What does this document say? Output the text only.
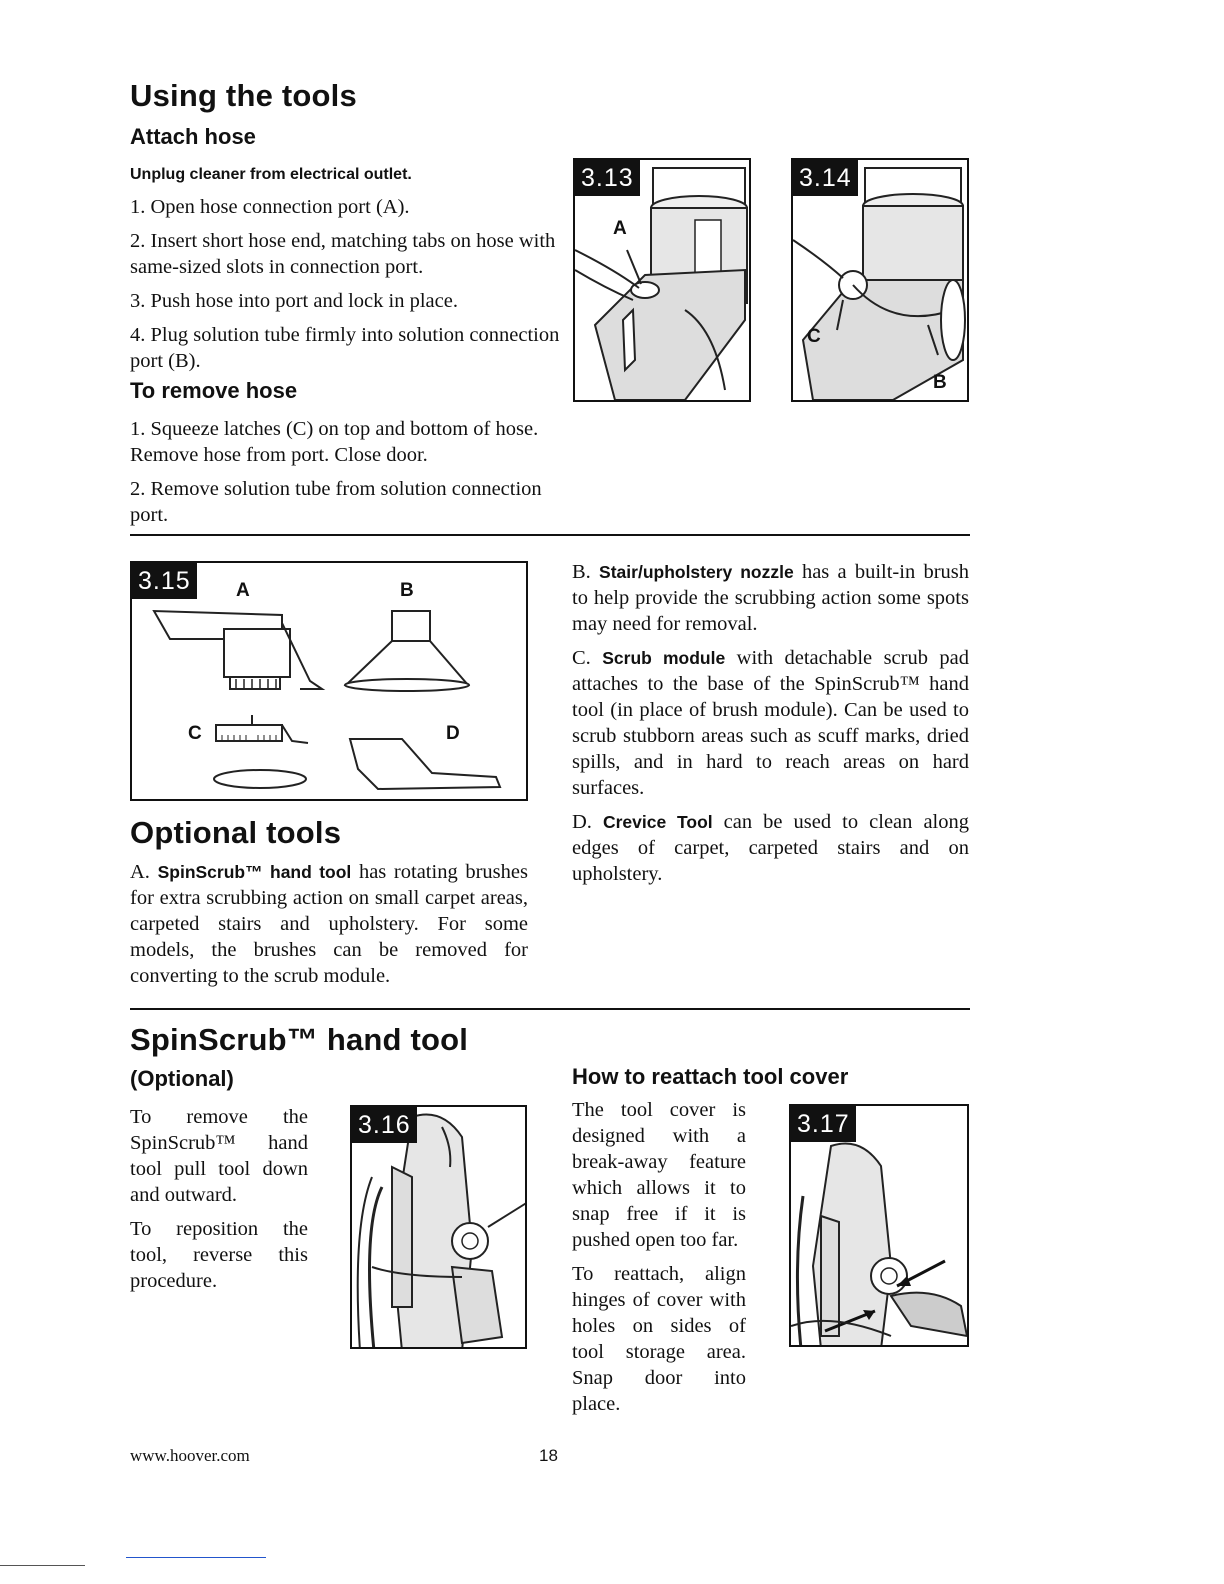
Using the tools
Attach hose

Unplug cleaner from electrical outlet.

1. Open hose connection port (A).

2. Insert short hose end, matching tabs on hose with same-sized slots in connection port.

3. Push hose into port and lock in place.

4. Plug solution tube firmly into solution connection port (B).

To remove hose

1. Squeeze latches (C) on top and bottom of hose. Remove hose from port. Close door.

2. Remove solution tube from solution connection port.

3.13
A
3.14
C
B
3.15	A	B
C	D
Optional tools
A. SpinScrub™ hand tool has rotating brushes for extra scrubbing action on small carpet areas, carpeted stairs and upholstery. For some models, the brushes can be removed for converting to the scrub module.

B. Stair/upholstery nozzle has a built-in brush to help provide the scrubbing action some spots may need for removal.

C. Scrub module with detachable scrub pad attaches to the base of the SpinScrub™ hand tool (in place of brush module). Can be used to scrub stubborn areas such as scuff marks, dried spills, and in hard to reach areas on hard surfaces.

D. Crevice Tool can be used to clean along edges of carpet, carpeted stairs and on upholstery.

SpinScrub™ hand tool
(Optional)

To remove the SpinScrub™ hand tool pull tool down and outward.

To reposition the tool, reverse this procedure.

3.16
How to reattach tool cover

The tool cover is designed with a break-away feature which allows it to snap free if it is pushed open too far.

To reattach, align hinges of cover with holes on sides of tool storage area. Snap door into place.

3.17
www.hoover.com	18
